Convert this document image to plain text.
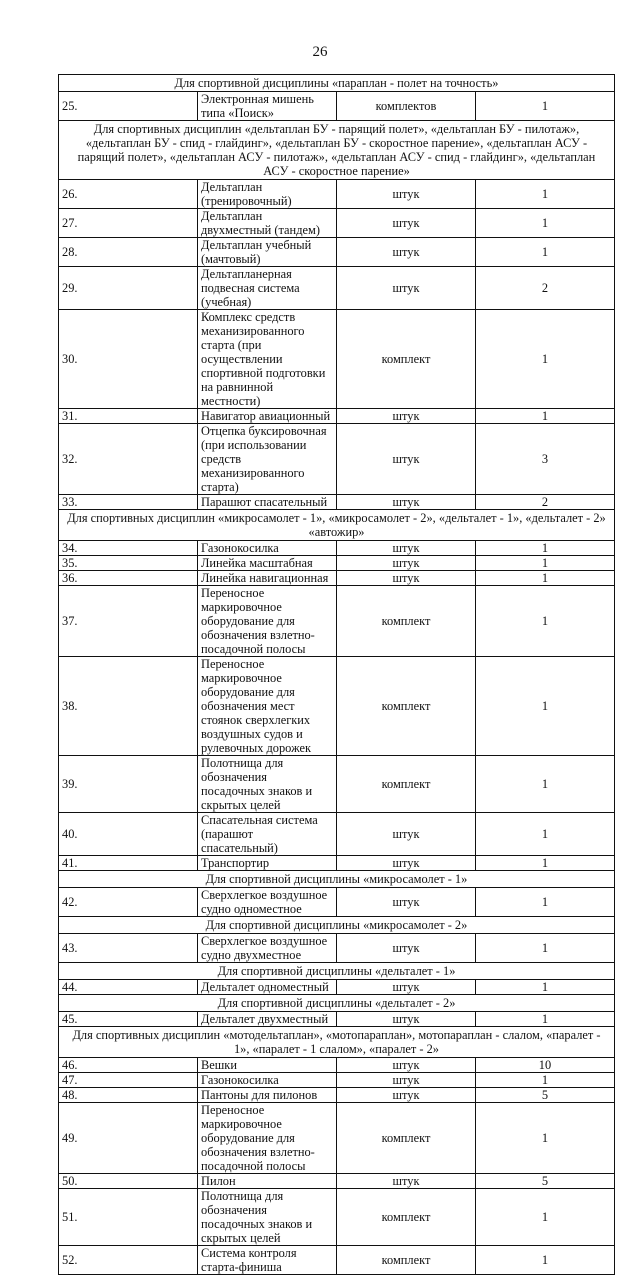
26
Для спортивной дисциплины «параплан - полет на точность»			
25.	Электронная мишень типа «Поиск»	комплектов	1
Для спортивных дисциплин «дельтаплан БУ - парящий полет», «дельтаплан БУ - пилотаж», «дельтаплан БУ - спид - глайдинг», «дельтаплан БУ - скоростное парение», «дельтаплан АСУ - парящий полет», «дельтаплан АСУ - пилотаж», «дельтаплан АСУ - спид - глайдинг», «дельтаплан АСУ - скоростное парение»			
26.	Дельтаплан (тренировочный)	штук	1
27.	Дельтаплан двухместный (тандем)	штук	1
28.	Дельтаплан учебный (мачтовый)	штук	1
29.	Дельтапланерная подвесная система (учебная)	штук	2
30.	Комплекс средств механизированного старта (при осуществлении спортивной подготовки на равнинной местности)	комплект	1
31.	Навигатор авиационный	штук	1
32.	Отцепка буксировочная (при использовании средств механизированного старта)	штук	3
33.	Парашют спасательный	штук	2
Для спортивных дисциплин «микросамолет - 1», «микросамолет - 2», «дельталет - 1», «дельталет - 2» «автожир»			
34.	Газонокосилка	штук	1
35.	Линейка масштабная	штук	1
36.	Линейка навигационная	штук	1
37.	Переносное маркировочное оборудование для обозначения взлетно-посадочной полосы	комплект	1
38.	Переносное маркировочное оборудование для обозначения мест стоянок сверхлегких воздушных судов и рулевочных дорожек	комплект	1
39.	Полотнища для обозначения посадочных знаков и скрытых целей	комплект	1
40.	Спасательная система (парашют спасательный)	штук	1
41.	Транспортир	штук	1
Для спортивной дисциплины «микросамолет - 1»			
42.	Сверхлегкое воздушное судно одноместное	штук	1
Для спортивной дисциплины «микросамолет - 2»			
43.	Сверхлегкое воздушное судно двухместное	штук	1
Для спортивной дисциплины «дельталет - 1»			
44.	Дельталет одноместный	штук	1
Для спортивной дисциплины «дельталет - 2»			
45.	Дельталет двухместный	штук	1
Для спортивных дисциплин «мотодельтаплан», «мотопараплан», мотопараплан - слалом, «паралет - 1», «паралет - 1 слалом», «паралет - 2»			
46.	Вешки	штук	10
47.	Газонокосилка	штук	1
48.	Пантоны для пилонов	штук	5
49.	Переносное маркировочное оборудование для обозначения взлетно-посадочной полосы	комплект	1
50.	Пилон	штук	5
51.	Полотнища для обозначения посадочных знаков и скрытых целей	комплект	1
52.	Система контроля старта-финиша	комплект	1
